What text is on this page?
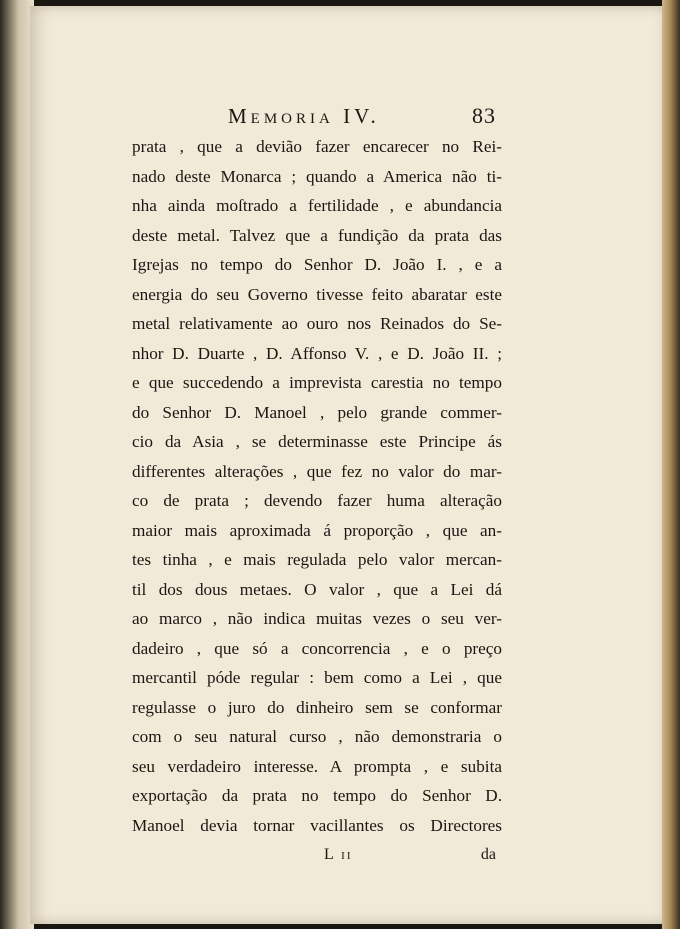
Memoria IV.	83
prata , que a devião fazer encarecer no Rei-
nado deste Monarca ; quando a America não ti-
nha ainda moſtrado a fertilidade , e abundancia
deste metal. Talvez que a fundição da prata das
Igrejas no tempo do Senhor D. João I. , e a
energia do seu Governo tivesse feito abaratar este
metal relativamente ao ouro nos Reinados do Se-
nhor D. Duarte , D. Affonso V. , e D. João II. ;
e que succedendo a imprevista carestia no tempo
do Senhor D. Manoel , pelo grande commer-
cio da Asia , se determinasse este Principe ás
differentes alterações , que fez no valor do mar-
co de prata ; devendo fazer huma alteração
maior mais aproximada á proporção , que an-
tes tinha , e mais regulada pelo valor mercan-
til dos dous metaes. O valor , que a Lei dá
ao marco , não indica muitas vezes o seu ver-
dadeiro , que só a concorrencia , e o preço
mercantil póde regular : bem como a Lei , que
regulasse o juro do dinheiro sem se conformar
com o seu natural curso , não demonstraria o
seu verdadeiro interesse. A prompta , e subita
exportação da prata no tempo do Senhor D.
Manoel devia tornar vacillantes os Directores
L ii	da
